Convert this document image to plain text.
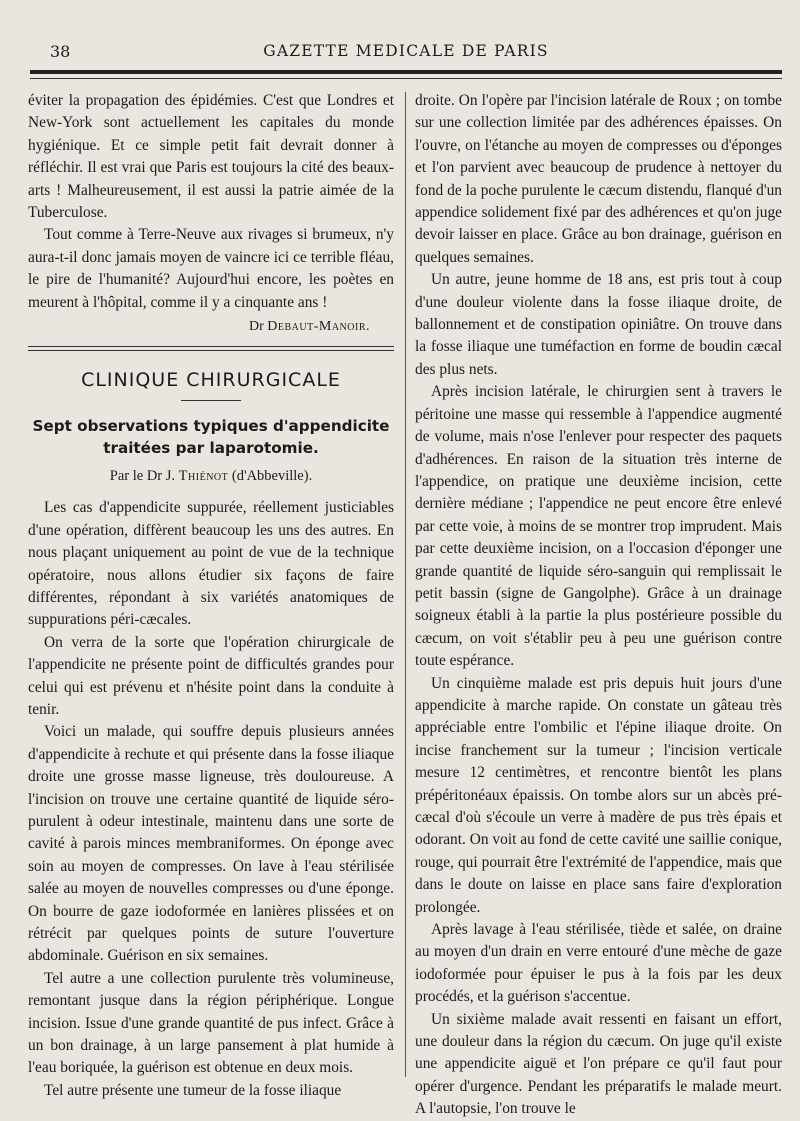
38	GAZETTE MEDICALE DE PARIS

éviter la propagation des épidémies. C'est que Londres et New-York sont actuellement les capitales du monde hygiénique. Et ce simple petit fait devrait donner à réfléchir. Il est vrai que Paris est toujours la cité des beaux-arts ! Malheureusement, il est aussi la patrie aimée de la Tuberculose.

Tout comme à Terre-Neuve aux rivages si brumeux, n'y aura-t-il donc jamais moyen de vaincre ici ce terrible fléau, le pire de l'humanité? Aujourd'hui encore, les poètes en meurent à l'hôpital, comme il y a cinquante ans !

Dr Debaut-Manoir.
CLINIQUE CHIRURGICALE
Sept observations typiques d'appendicite traitées par laparotomie.
Par le Dr J. Thiénot (d'Abbeville).

Les cas d'appendicite suppurée, réellement justiciables d'une opération, diffèrent beaucoup les uns des autres. En nous plaçant uniquement au point de vue de la technique opératoire, nous allons étudier six façons de faire différentes, répondant à six variétés anatomiques de suppurations péri-cæcales.

On verra de la sorte que l'opération chirurgicale de l'appendicite ne présente point de difficultés grandes pour celui qui est prévenu et n'hésite point dans la conduite à tenir.

Voici un malade, qui souffre depuis plusieurs années d'appendicite à rechute et qui présente dans la fosse iliaque droite une grosse masse ligneuse, très douloureuse. A l'incision on trouve une certaine quantité de liquide séro-purulent à odeur intestinale, maintenu dans une sorte de cavité à parois minces membraniformes. On éponge avec soin au moyen de compresses. On lave à l'eau stérilisée salée au moyen de nouvelles compresses ou d'une éponge. On bourre de gaze iodoformée en lanières plissées et on rétrécit par quelques points de suture l'ouverture abdominale. Guérison en six semaines.

Tel autre a une collection purulente très volumineuse, remontant jusque dans la région périphérique. Longue incision. Issue d'une grande quantité de pus infect. Grâce à un bon drainage, à un large pansement à plat humide à l'eau boriquée, la guérison est obtenue en deux mois.

Tel autre présente une tumeur de la fosse iliaque

droite. On l'opère par l'incision latérale de Roux ; on tombe sur une collection limitée par des adhérences épaisses. On l'ouvre, on l'étanche au moyen de compresses ou d'éponges et l'on parvient avec beaucoup de prudence à nettoyer du fond de la poche purulente le cæcum distendu, flanqué d'un appendice solidement fixé par des adhérences et qu'on juge devoir laisser en place. Grâce au bon drainage, guérison en quelques semaines.

Un autre, jeune homme de 18 ans, est pris tout à coup d'une douleur violente dans la fosse iliaque droite, de ballonnement et de constipation opiniâtre. On trouve dans la fosse iliaque une tuméfaction en forme de boudin cæcal des plus nets.

Après incision latérale, le chirurgien sent à travers le péritoine une masse qui ressemble à l'appendice augmenté de volume, mais n'ose l'enlever pour respecter des paquets d'adhérences. En raison de la situation très interne de l'appendice, on pratique une deuxième incision, cette dernière médiane ; l'appendice ne peut encore être enlevé par cette voie, à moins de se montrer trop imprudent. Mais par cette deuxième incision, on a l'occasion d'éponger une grande quantité de liquide séro-sanguin qui remplissait le petit bassin (signe de Gangolphe). Grâce à un drainage soigneux établi à la partie la plus postérieure possible du cæcum, on voit s'établir peu à peu une guérison contre toute espérance.

Un cinquième malade est pris depuis huit jours d'une appendicite à marche rapide. On constate un gâteau très appréciable entre l'ombilic et l'épine iliaque droite. On incise franchement sur la tumeur ; l'incision verticale mesure 12 centimètres, et rencontre bientôt les plans prépéritonéaux épaissis. On tombe alors sur un abcès pré-cæcal d'où s'écoule un verre à madère de pus très épais et odorant. On voit au fond de cette cavité une saillie conique, rouge, qui pourrait être l'extrémité de l'appendice, mais que dans le doute on laisse en place sans faire d'exploration prolongée.

Après lavage à l'eau stérilisée, tiède et salée, on draine au moyen d'un drain en verre entouré d'une mèche de gaze iodoformée pour épuiser le pus à la fois par les deux procédés, et la guérison s'accentue.

Un sixième malade avait ressenti en faisant un effort, une douleur dans la région du cæcum. On juge qu'il existe une appendicite aiguë et l'on prépare ce qu'il faut pour opérer d'urgence. Pendant les préparatifs le malade meurt. A l'autopsie, l'on trouve le
